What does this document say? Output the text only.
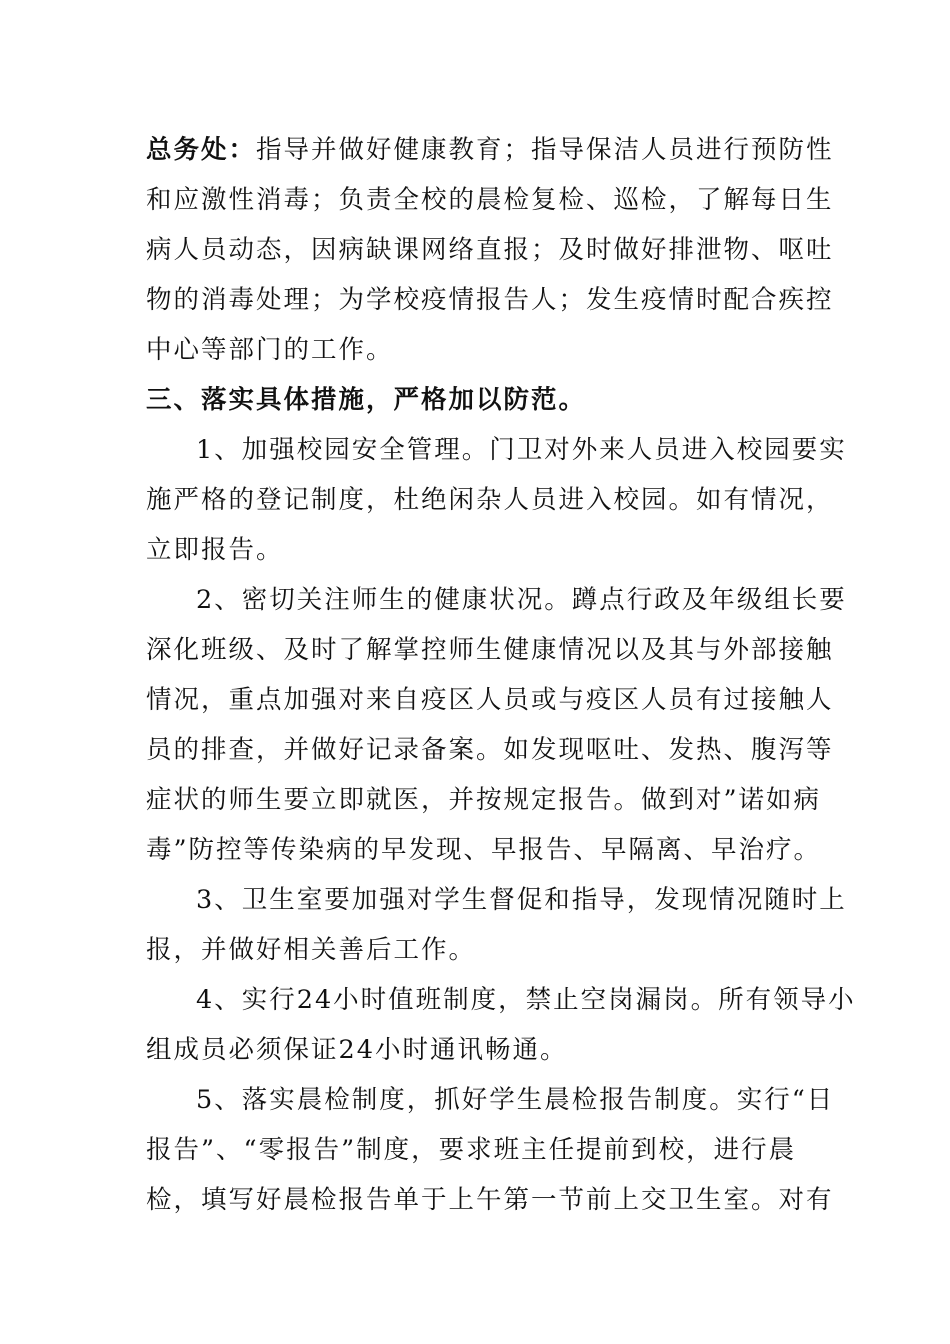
总务处：指导并做好健康教育；指导保洁人员进行预防性
和应激性消毒；负责全校的晨检复检、巡检，了解每日生
病人员动态，因病缺课网络直报；及时做好排泄物、呕吐
物的消毒处理；为学校疫情报告人；发生疫情时配合疾控
中心等部门的工作。
三、落实具体措施，严格加以防范。
1、加强校园安全管理。门卫对外来人员进入校园要实
施严格的登记制度，杜绝闲杂人员进入校园。如有情况，
立即报告。
2、密切关注师生的健康状况。蹲点行政及年级组长要
深化班级、及时了解掌控师生健康情况以及其与外部接触
情况，重点加强对来自疫区人员或与疫区人员有过接触人
员的排查，并做好记录备案。如发现呕吐、发热、腹泻等
症状的师生要立即就医，并按规定报告。做到对”诺如病
毒”防控等传染病的早发现、早报告、早隔离、早治疗。
3、卫生室要加强对学生督促和指导，发现情况随时上
报，并做好相关善后工作。
4、实行24小时值班制度，禁止空岗漏岗。所有领导小
组成员必须保证24小时通讯畅通。
5、落实晨检制度，抓好学生晨检报告制度。实行“日
报告”、“零报告”制度，要求班主任提前到校，进行晨
检，填写好晨检报告单于上午第一节前上交卫生室。对有
